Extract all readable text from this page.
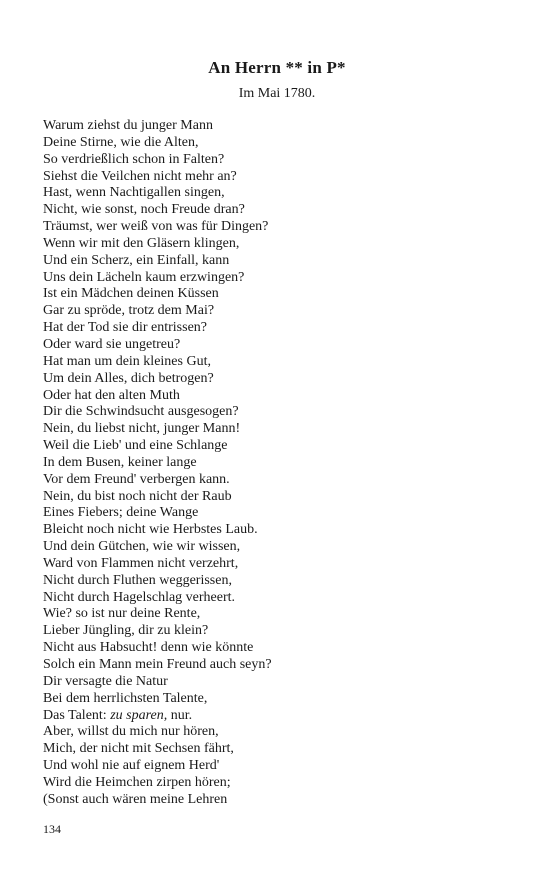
An Herrn ** in P*
Im Mai 1780.
Warum ziehst du junger Mann
Deine Stirne, wie die Alten,
So verdrießlich schon in Falten?
Siehst die Veilchen nicht mehr an?
Hast, wenn Nachtigallen singen,
Nicht, wie sonst, noch Freude dran?
Träumst, wer weiß von was für Dingen?
Wenn wir mit den Gläsern klingen,
Und ein Scherz, ein Einfall, kann
Uns dein Lächeln kaum erzwingen?
Ist ein Mädchen deinen Küssen
Gar zu spröde, trotz dem Mai?
Hat der Tod sie dir entrissen?
Oder ward sie ungetreu?
Hat man um dein kleines Gut,
Um dein Alles, dich betrogen?
Oder hat den alten Muth
Dir die Schwindsucht ausgesogen?
Nein, du liebst nicht, junger Mann!
Weil die Lieb' und eine Schlange
In dem Busen, keiner lange
Vor dem Freund' verbergen kann.
Nein, du bist noch nicht der Raub
Eines Fiebers; deine Wange
Bleicht noch nicht wie Herbstes Laub.
Und dein Gütchen, wie wir wissen,
Ward von Flammen nicht verzehrt,
Nicht durch Fluthen weggerissen,
Nicht durch Hagelschlag verheert.
Wie? so ist nur deine Rente,
Lieber Jüngling, dir zu klein?
Nicht aus Habsucht! denn wie könnte
Solch ein Mann mein Freund auch seyn?
Dir versagte die Natur
Bei dem herrlichsten Talente,
Das Talent: zu sparen, nur.
Aber, willst du mich nur hören,
Mich, der nicht mit Sechsen fährt,
Und wohl nie auf eignem Herd'
Wird die Heimchen zirpen hören;
(Sonst auch wären meine Lehren
134
